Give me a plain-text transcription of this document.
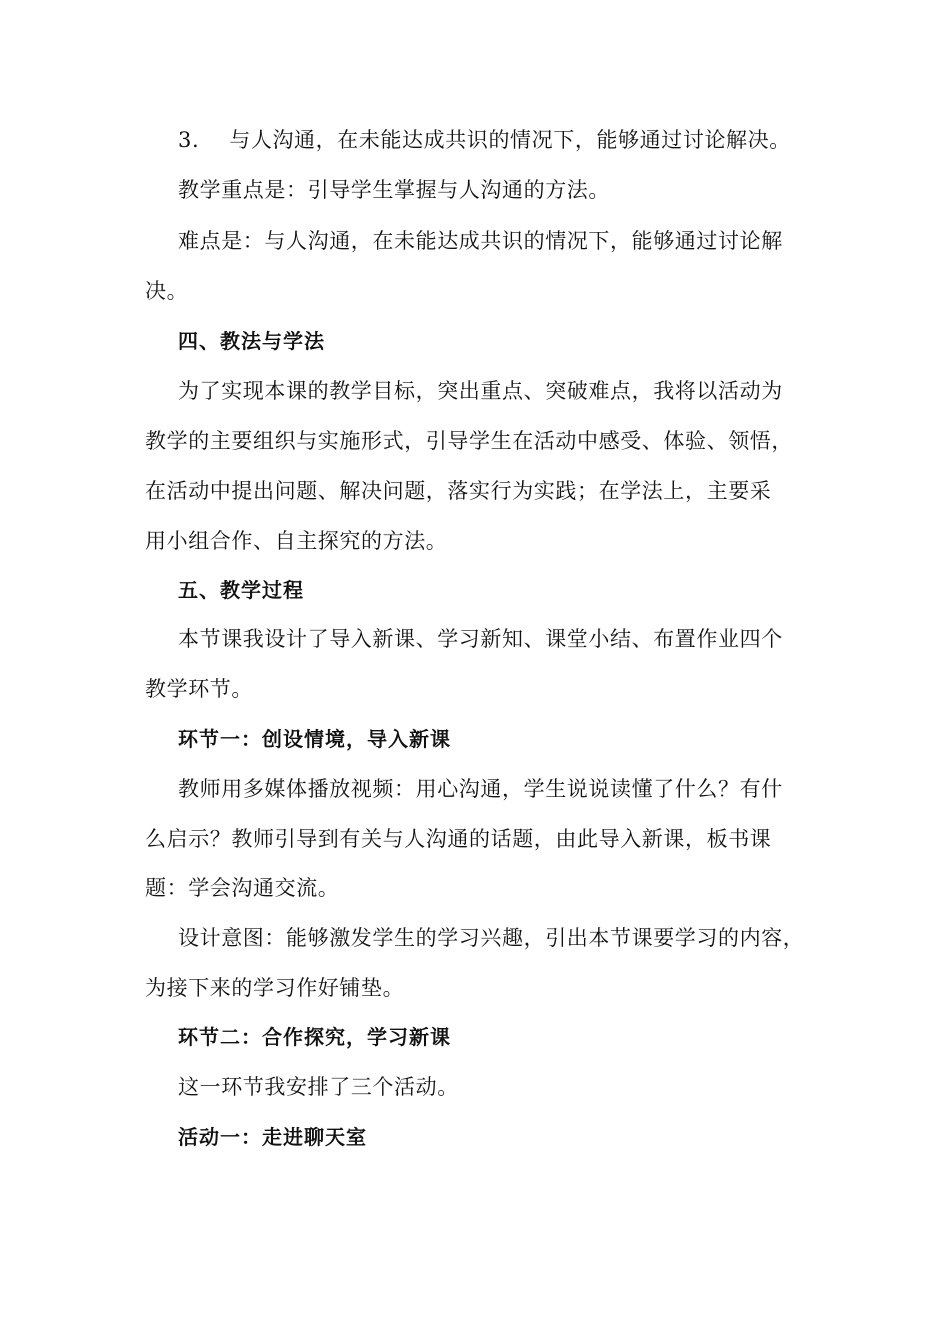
3. 与人沟通，在未能达成共识的情况下，能够通过讨论解决。
教学重点是：引导学生掌握与人沟通的方法。
难点是：与人沟通，在未能达成共识的情况下，能够通过讨论解
决。
四、教法与学法
为了实现本课的教学目标，突出重点、突破难点，我将以活动为
教学的主要组织与实施形式，引导学生在活动中感受、体验、领悟，
在活动中提出问题、解决问题，落实行为实践；在学法上，主要采
用小组合作、自主探究的方法。
五、教学过程
本节课我设计了导入新课、学习新知、课堂小结、布置作业四个
教学环节。
环节一：创设情境，导入新课
教师用多媒体播放视频：用心沟通，学生说说读懂了什么？有什
么启示？教师引导到有关与人沟通的话题，由此导入新课，板书课
题：学会沟通交流。
设计意图：能够激发学生的学习兴趣，引出本节课要学习的内容，
为接下来的学习作好铺垫。
环节二：合作探究，学习新课
这一环节我安排了三个活动。
活动一：走进聊天室
